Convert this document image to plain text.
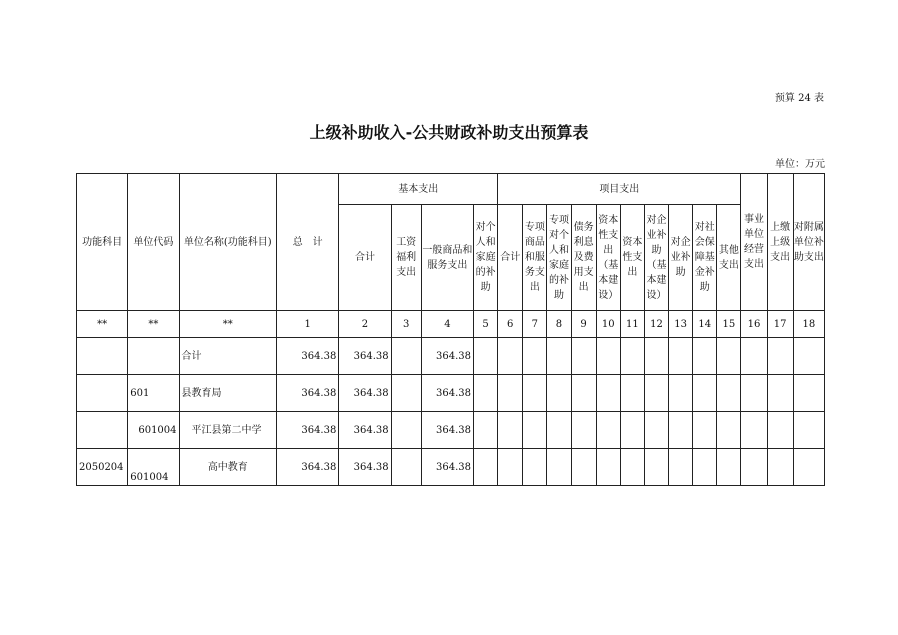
预算 24 表
上级补助收入-公共财政补助支出预算表
单位：万元
功能科目	单位代码	单位名称(功能科目)	总　计	基本支出				项目支出										事业单位经营支出	上缴上级支出	对附属单位补助支出
				合计	工资福利支出	一般商品和服务支出	对个人和家庭的补助	合计	专项商品和服务支出	专项对个人和家庭的补助	债务利息及费用支出	资本性支出（基本建设）	资本性支出	对企业补助（基本建设）	对企业补助	对社会保障基金补助	其他支出			
**	**	**	1	2	3	4	5	6	7	8	9	10	11	12	13	14	15	16	17	18
		合计	364.38	364.38		364.38														
	601	县教育局	364.38	364.38		364.38														
	601004	平江县第二中学	364.38	364.38		364.38														
2050204	601004	高中教育	364.38	364.38		364.38														
